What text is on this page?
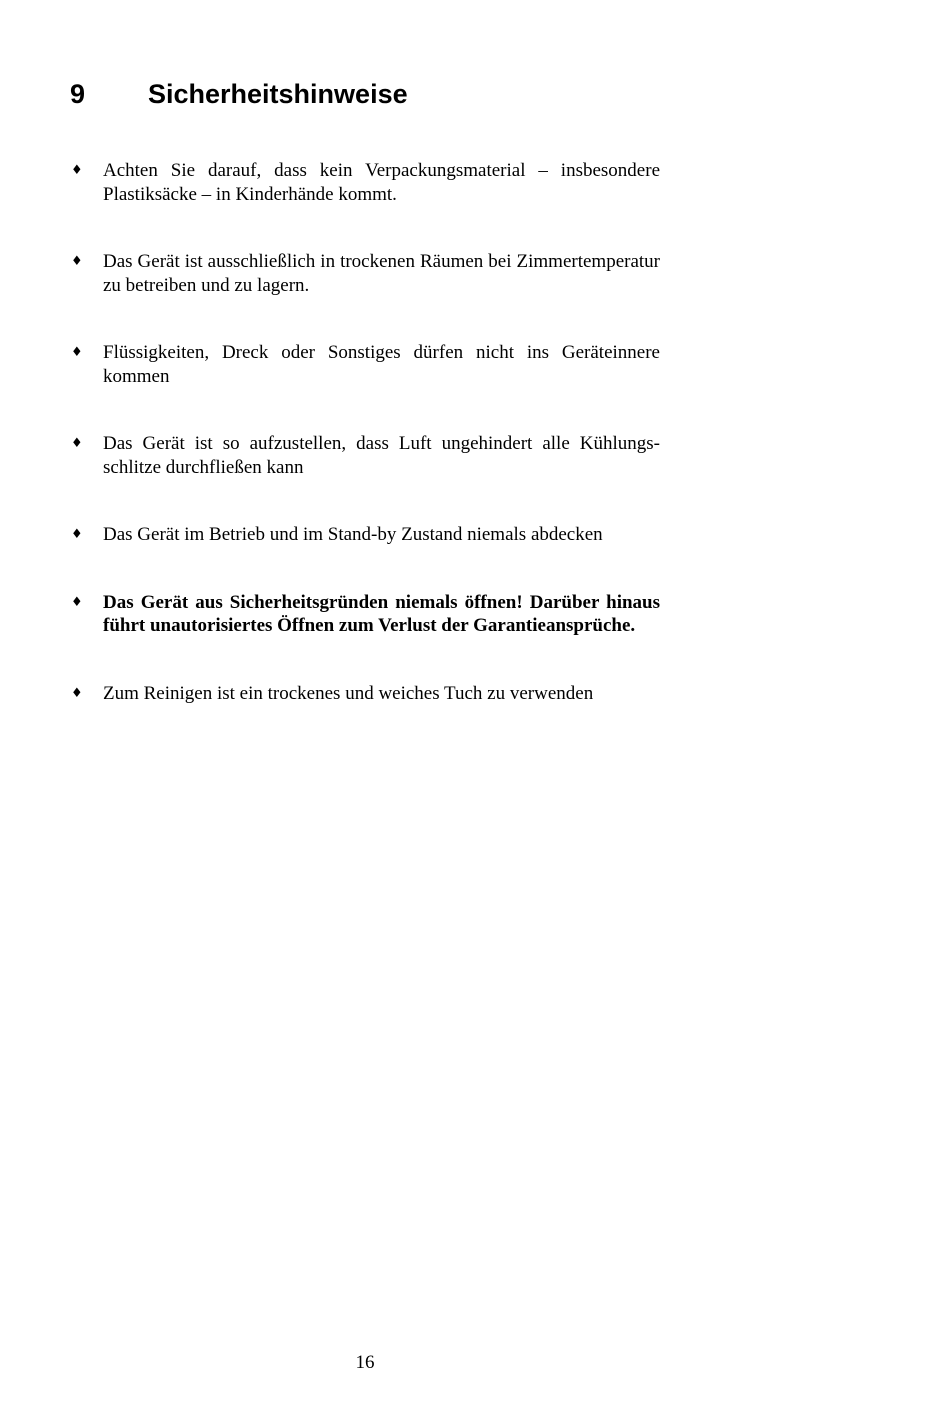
9 Sicherheitshinweise
♦ Achten Sie darauf, dass kein Verpackungsmaterial – insbesondere Plastiksäcke – in Kinderhände kommt.
♦ Das Gerät ist ausschließlich in trockenen Räumen bei Zimmertemperatur zu betreiben und zu lagern.
♦ Flüssigkeiten, Dreck oder Sonstiges dürfen nicht ins Geräteinnere kommen
♦ Das Gerät ist so aufzustellen, dass Luft ungehindert alle Kühlungsschlitze durchfließen kann
♦ Das Gerät im Betrieb und im Stand-by Zustand niemals abdecken
♦ Das Gerät aus Sicherheitsgründen niemals öffnen! Darüber hinaus führt unautorisiertes Öffnen zum Verlust der Garantieansprüche.
♦ Zum Reinigen ist ein trockenes und weiches Tuch zu verwenden
16
